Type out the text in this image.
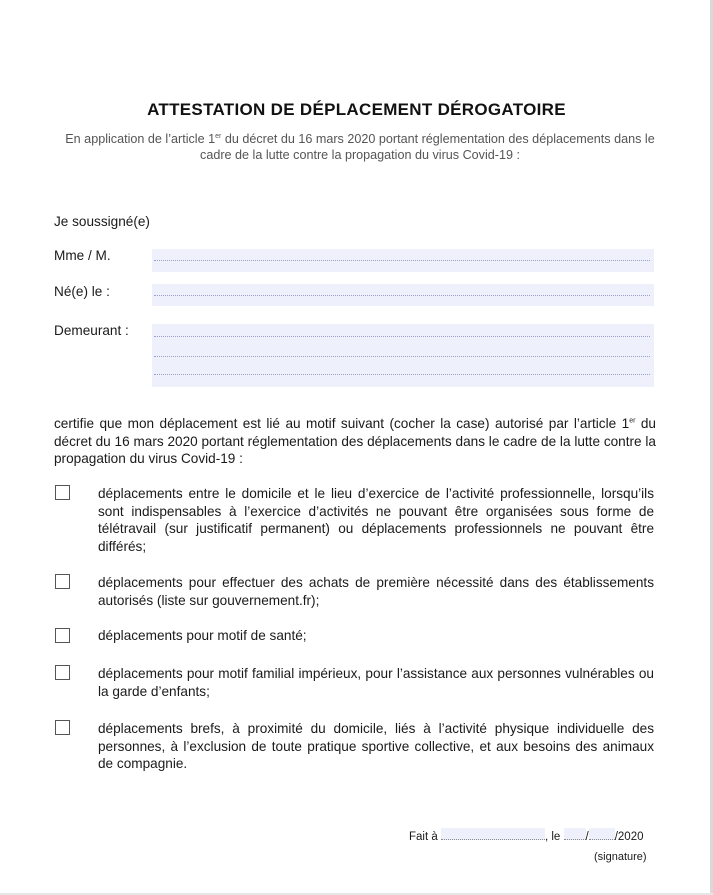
ATTESTATION DE DÉPLACEMENT DÉROGATOIRE
En application de l’article 1er du décret du 16 mars 2020 portant réglementation des déplacements dans le cadre de la lutte contre la propagation du virus Covid-19 :
Je soussigné(e)
Mme / M.
Né(e) le :
Demeurant :
certifie que mon déplacement est lié au motif suivant (cocher la case) autorisé par l’article 1er du décret du 16 mars 2020 portant réglementation des déplacements dans le cadre de la lutte contre la propagation du virus Covid-19 :
déplacements entre le domicile et le lieu d’exercice de l’activité professionnelle, lorsqu’ils sont indispensables à l’exercice d’activités ne pouvant être organisées sous forme de télétravail (sur justificatif permanent) ou déplacements professionnels ne pouvant être différés;
déplacements pour effectuer des achats de première nécessité dans des établissements autorisés (liste sur gouvernement.fr);
déplacements pour motif de santé;
déplacements pour motif familial impérieux, pour l’assistance aux personnes vulnérables ou la garde d’enfants;
déplacements brefs, à proximité du domicile, liés à l’activité physique individuelle des personnes, à l’exclusion de toute pratique sportive collective, et aux besoins des animaux de compagnie.
Fait à	, le / /2020
(signature)
